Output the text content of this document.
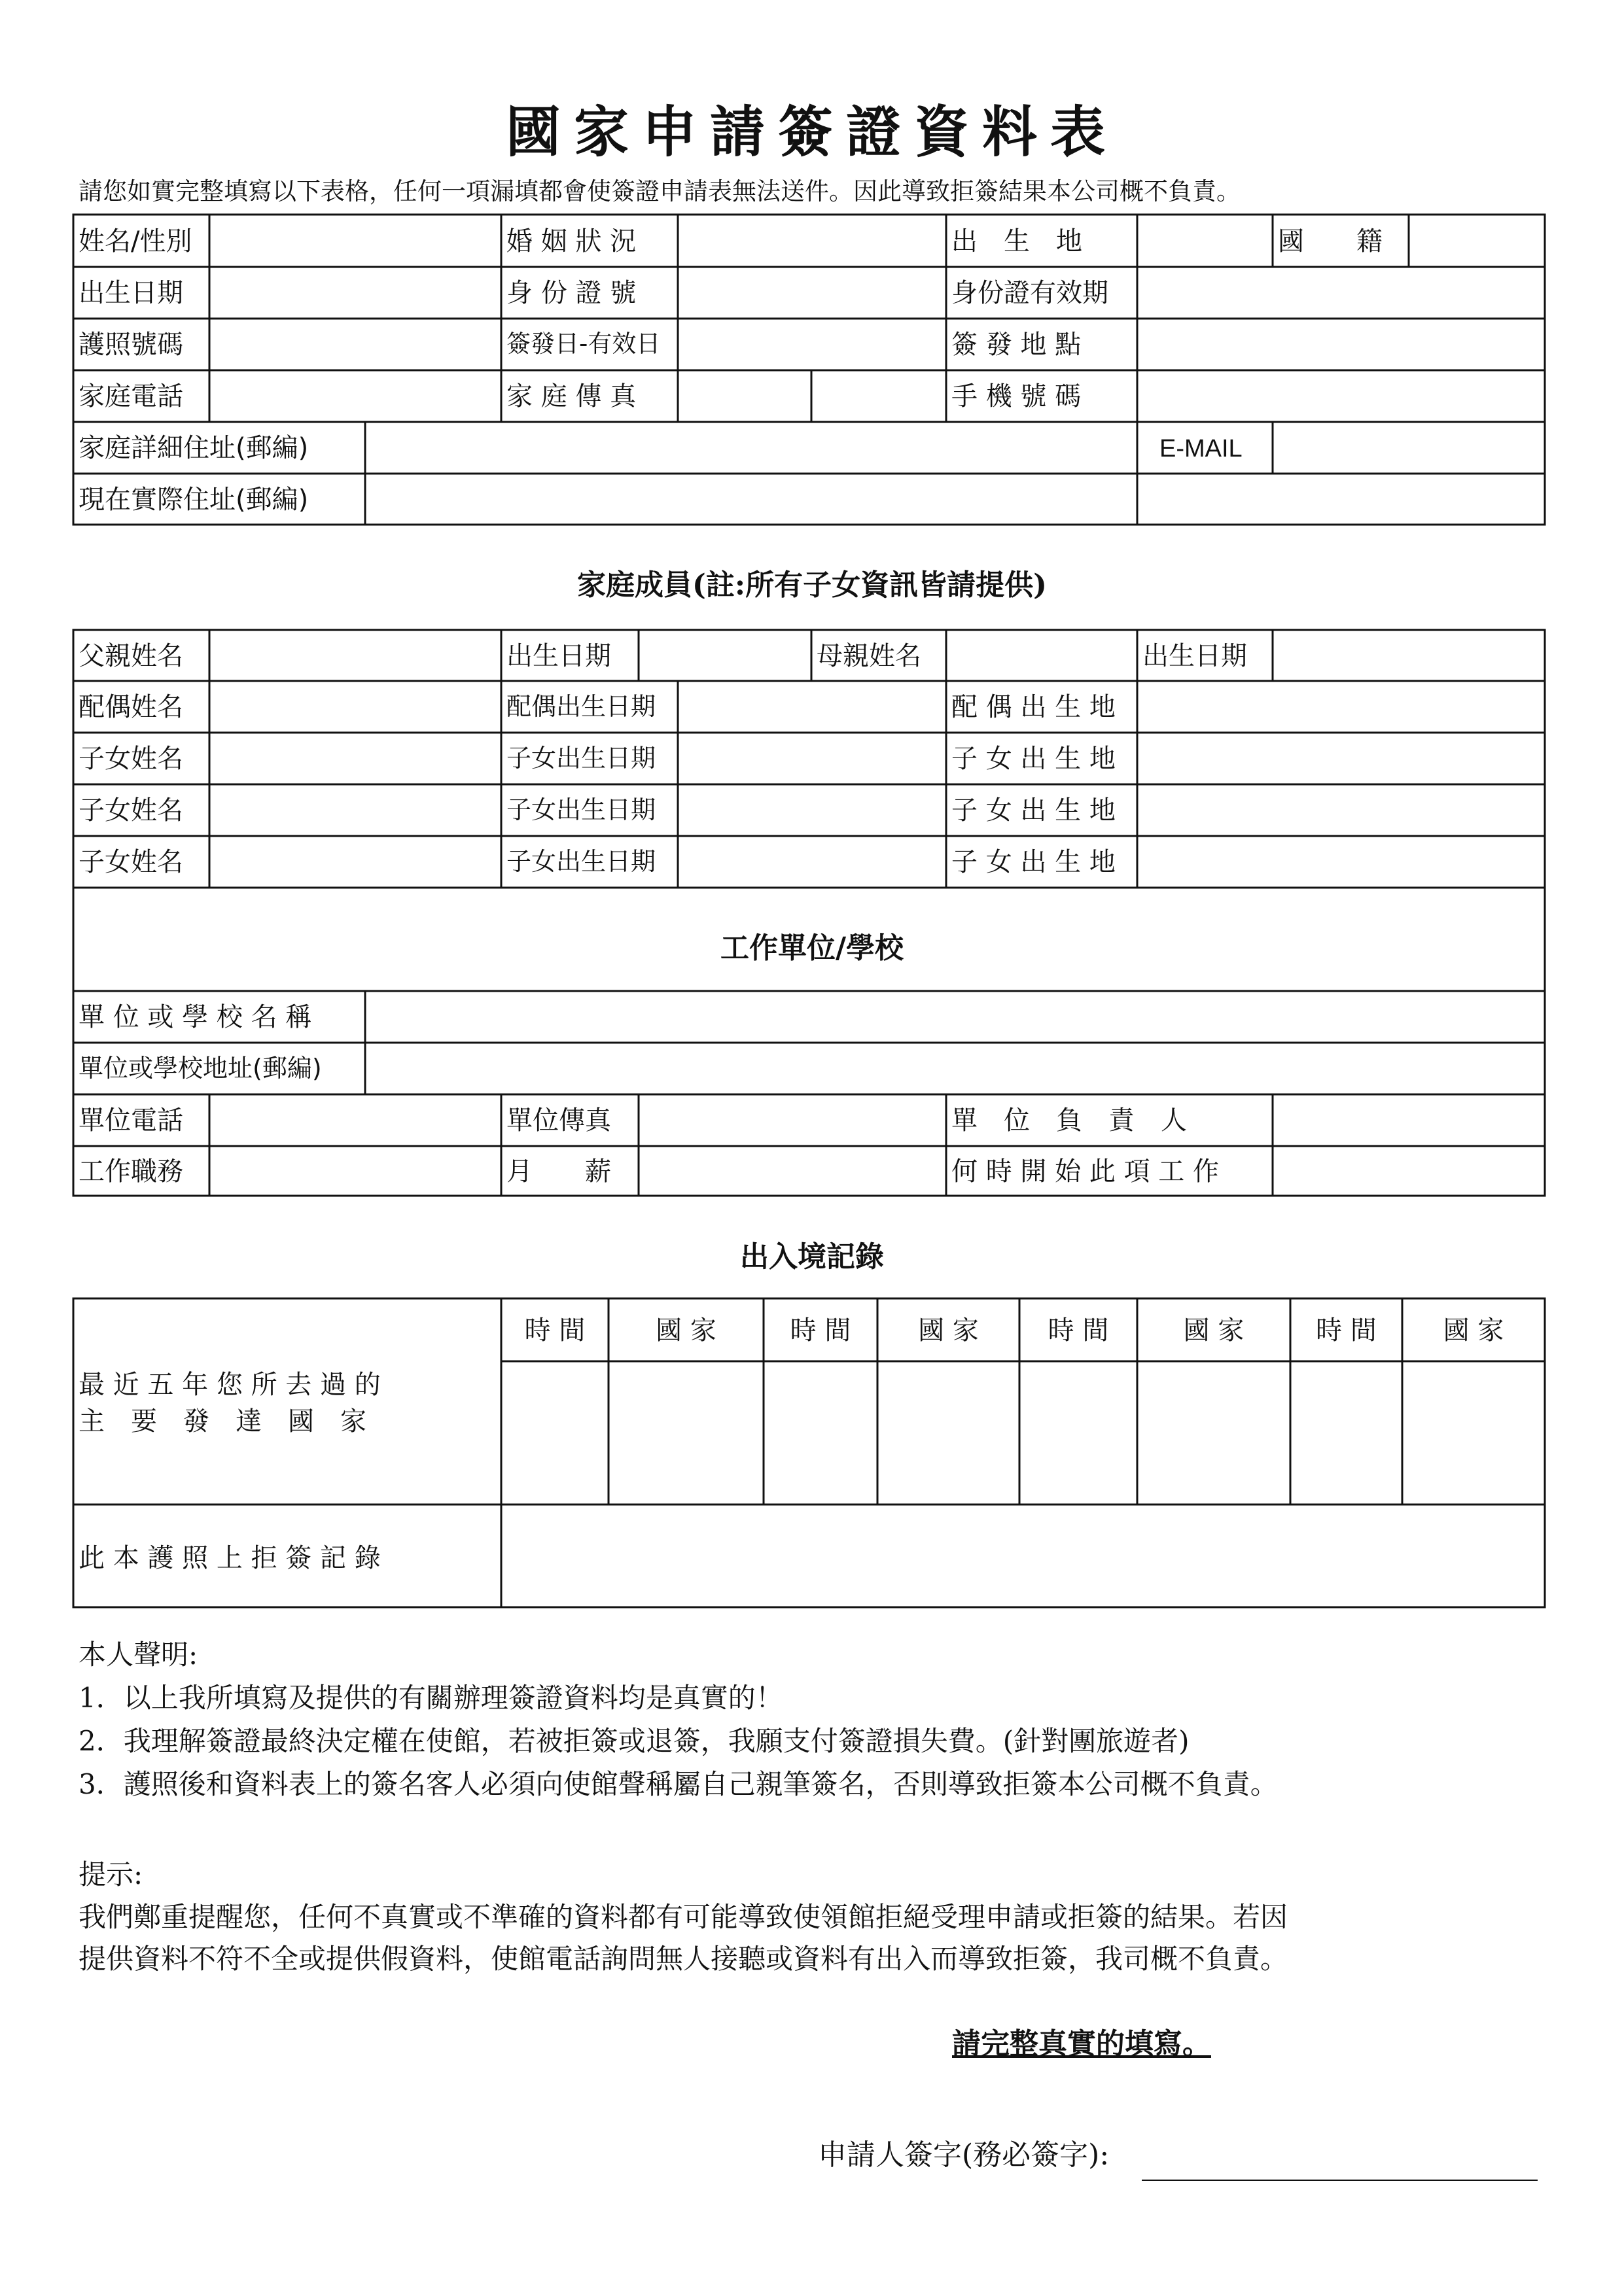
國家申請簽證資料表
請您如實完整填寫以下表格，任何一項漏填都會使簽證申請表無法送件。因此導致拒簽結果本公司概不負責。
姓名/性別	婚 姻 狀 況	出　生　地	國　　籍
出生日期	身 份 證 號	身份證有效期
護照號碼	簽發日-有效日	簽 發 地 點
家庭電話	家 庭 傳 真	手 機 號 碼
家庭詳細住址(郵編)	E-MAIL
現在實際住址(郵編)
家庭成員(註:所有子女資訊皆請提供)
父親姓名	出生日期	母親姓名	出生日期
配偶姓名	配偶出生日期	配 偶 出 生 地
子女姓名	子女出生日期	子 女 出 生 地
子女姓名	子女出生日期	子 女 出 生 地
子女姓名	子女出生日期	子 女 出 生 地
工作單位/學校
單 位 或 學 校 名 稱
單位或學校地址(郵編)
單位電話	單位傳真	單　位　負　責　人
工作職務	月　　薪	何 時 開 始 此 項 工 作
出入境記錄
時 間	國 家	時 間	國 家	時 間	國 家	時 間	國 家
最 近 五 年 您 所 去 過 的
主　要　發　達　國　家
此 本 護 照 上 拒 簽 記 錄
本人聲明:
1．以上我所填寫及提供的有關辦理簽證資料均是真實的！
2．我理解簽證最終決定權在使館，若被拒簽或退簽，我願支付簽證損失費。(針對團旅遊者)
3．護照後和資料表上的簽名客人必須向使館聲稱屬自己親筆簽名，否則導致拒簽本公司概不負責。
提示:
我們鄭重提醒您，任何不真實或不準確的資料都有可能導致使領館拒絕受理申請或拒簽的結果。若因
提供資料不符不全或提供假資料，使館電話詢問無人接聽或資料有出入而導致拒簽，我司概不負責。
請完整真實的填寫。
申請人簽字(務必簽字):
